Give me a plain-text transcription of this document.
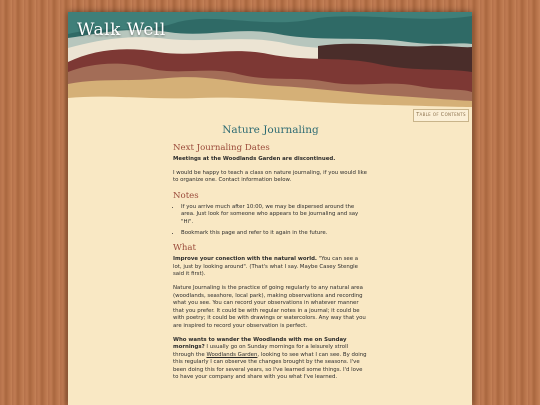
Walk Well
Table of Contents
Nature Journaling
Next Journaling Dates

Meetings at the Woodlands Garden are discontinued.

I would be happy to teach a class on nature journaling, if you would like to organize one. Contact information below.

Notes
• If you arrive much after 10:00, we may be dispersed around the area. Just look for someone who appears to be journaling and say "Hi".
• Bookmark this page and refer to it again in the future.
What

Improve your conection with the natural world. "You can see a lot, just by looking around". (That's what I say. Maybe Casey Stengle said it first).

Nature Journaling is the practice of going regularly to any natural area (woodlands, seashore, local park), making observations and recording what you see. You can record your observations in whatever manner that you prefer. It could be with regular notes in a journal; it could be with poetry; it could be with drawings or watercolors. Any way that you are inspired to record your observation is perfect.

Who wants to wander the Woodlands with me on Sunday mornings? I usually go on Sunday mornings for a leisurely stroll through the Woodlands Garden, looking to see what I can see. By doing this regularly I can observe the changes brought by the seasons. I've been doing this for several years, so I've learned some things. I'd love to have your company and share with you what I've learned.
